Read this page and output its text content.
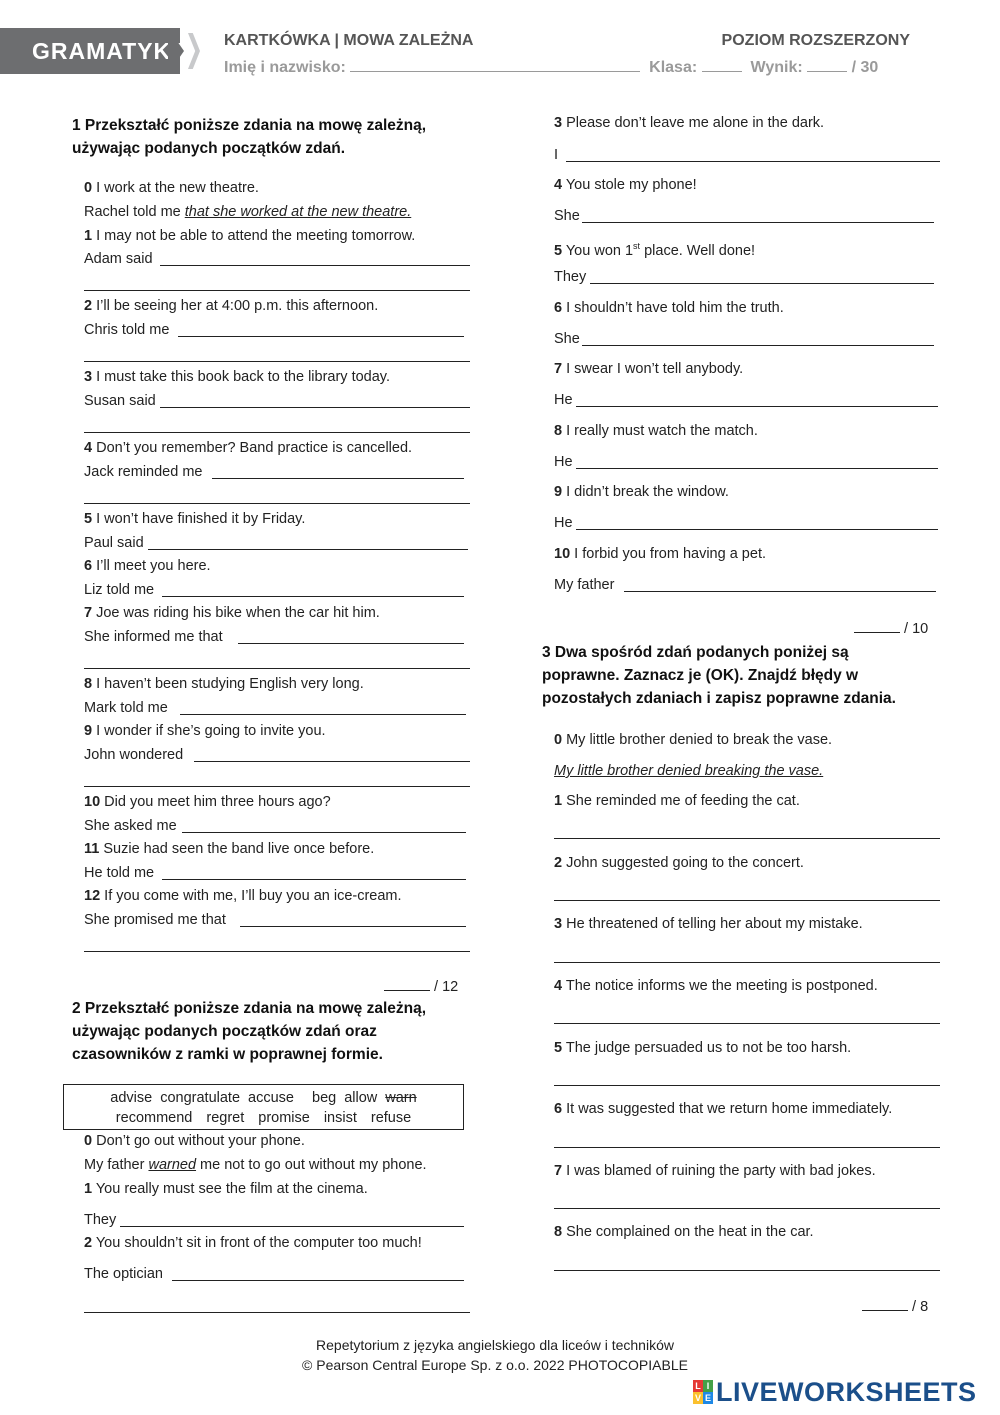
GRAMATYKA KARTKÓWKA | MOWA ZALEŻNA	POZIOM ROZSZERZONY
Imię i nazwisko:	Klasa:	Wynik:	/ 30
1 Przekształć poniższe zdania na mowę zależną,
używając podanych początków zdań.
0 I work at the new theatre.
Rachel told me that she worked at the new theatre.
1 I may not be able to attend the meeting tomorrow.
Adam said
2 I’ll be seeing her at 4:00 p.m. this afternoon.
Chris told me
3 I must take this book back to the library today.
Susan said
4 Don’t you remember? Band practice is cancelled.
Jack reminded me
5 I won’t have finished it by Friday.
Paul said
6 I’ll meet you here.
Liz told me
7 Joe was riding his bike when the car hit him.
She informed me that
8 I haven’t been studying English very long.
Mark told me
9 I wonder if she’s going to invite you.
John wondered
10 Did you meet him three hours ago?
She asked me
11 Suzie had seen the band live once before.
He told me
12 If you come with me, I’ll buy you an ice-cream.
She promised me that
/ 12
2 Przekształć poniższe zdania na mowę zależną,
używając podanych początków zdań oraz
czasowników z ramki w poprawnej formie.
advise congratulate accuse beg allow warn
recommend regret promise insist refuse
0 Don’t go out without your phone.
My father warned me not to go out without my phone.
1 You really must see the film at the cinema.
They
2 You shouldn’t sit in front of the computer too much!
The optician
3 Please don’t leave me alone in the dark.
I
4 You stole my phone!
She
5 You won 1st place. Well done!
They
6 I shouldn’t have told him the truth.
She
7 I swear I won’t tell anybody.
He
8 I really must watch the match.
He
9 I didn’t break the window.
He
10 I forbid you from having a pet.
My father
/ 10
3 Dwa spośród zdań podanych poniżej są
poprawne. Zaznacz je (OK). Znajdź błędy w
pozostałych zdaniach i zapisz poprawne zdania.
0 My little brother denied to break the vase.
My little brother denied breaking the vase.
1 She reminded me of feeding the cat.
2 John suggested going to the concert.
3 He threatened of telling her about my mistake.
4 The notice informs we the meeting is postponed.
5 The judge persuaded us to not be too harsh.
6 It was suggested that we return home immediately.
7 I was blamed of ruining the party with bad jokes.
8 She complained on the heat in the car.
/ 8
Repetytorium z języka angielskiego dla liceów i techników
© Pearson Central Europe Sp. z o.o. 2022 PHOTOCOPIABLE
L I
V E LIVEWORKSHEETS
